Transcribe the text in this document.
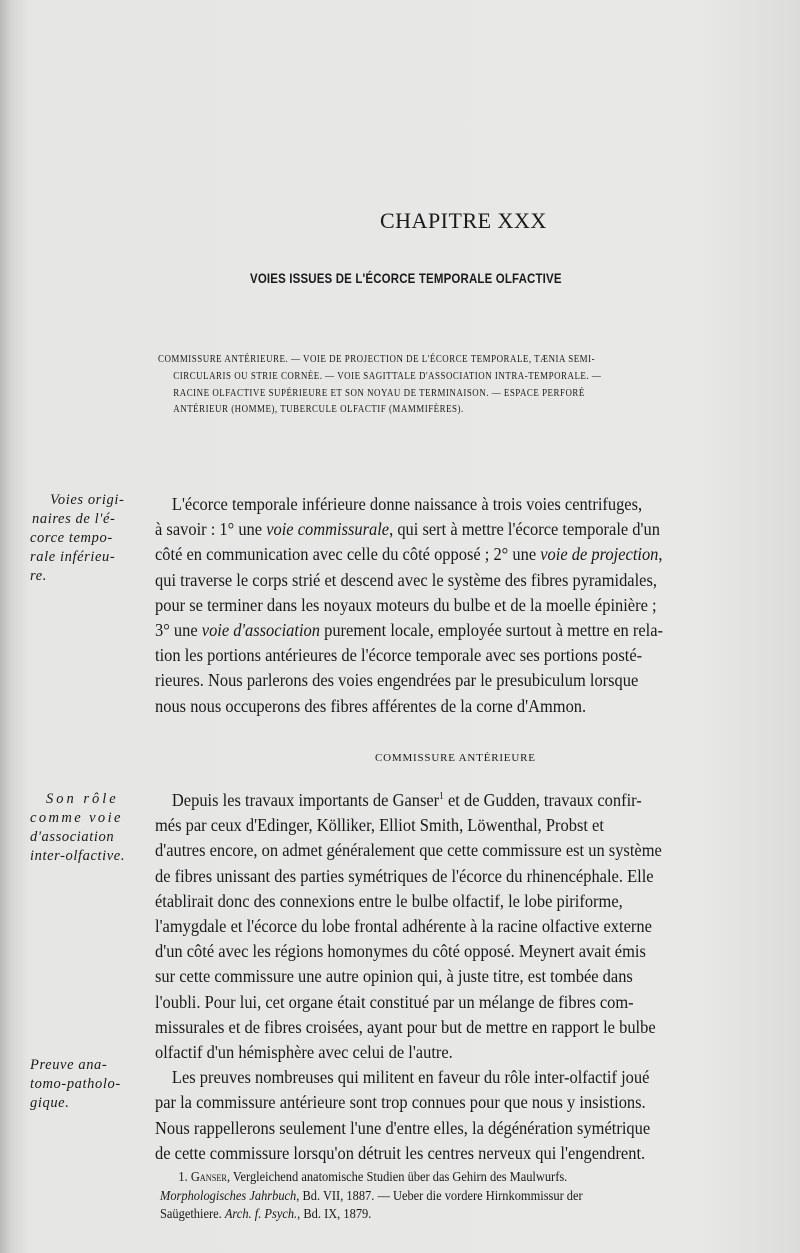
CHAPITRE XXX
VOIES ISSUES DE L'ÉCORCE TEMPORALE OLFACTIVE
COMMISSURE ANTÉRIEURE. — VOIE DE PROJECTION DE L'ÉCORCE TEMPORALE, TÆNIA SEMI-
CIRCULARIS OU STRIE CORNÉE. — VOIE SAGITTALE D'ASSOCIATION INTRA-TEMPORALE. —
RACINE OLFACTIVE SUPÉRIEURE ET SON NOYAU DE TERMINAISON. — ESPACE PERFORÉ
ANTÉRIEUR (HOMME), TUBERCULE OLFACTIF (MAMMIFÈRES).
Voies origi-
naires de l'é-
corce tempo-
rale inférieu-
re.
L'écorce temporale inférieure donne naissance à trois voies centrifuges,
à savoir : 1° une voie commissurale, qui sert à mettre l'écorce temporale d'un
côté en communication avec celle du côté opposé ; 2° une voie de projection,
qui traverse le corps strié et descend avec le système des fibres pyramidales,
pour se terminer dans les noyaux moteurs du bulbe et de la moelle épinière ;
3° une voie d'association purement locale, employée surtout à mettre en rela-
tion les portions antérieures de l'écorce temporale avec ses portions posté-
rieures. Nous parlerons des voies engendrées par le presubiculum lorsque
nous nous occuperons des fibres afférentes de la corne d'Ammon.
COMMISSURE ANTÉRIEURE
Son rôle
comme voie
d'association
inter-olfactive.
Depuis les travaux importants de Ganser$^1$ et de Gudden, travaux confir-
més par ceux d'Edinger, Kölliker, Elliot Smith, Löwenthal, Probst et
d'autres encore, on admet généralement que cette commissure est un système
de fibres unissant des parties symétriques de l'écorce du rhinencéphale. Elle
établirait donc des connexions entre le bulbe olfactif, le lobe piriforme,
l'amygdale et l'écorce du lobe frontal adhérente à la racine olfactive externe
d'un côté avec les régions homonymes du côté opposé. Meynert avait émis
sur cette commissure une autre opinion qui, à juste titre, est tombée dans
l'oubli. Pour lui, cet organe était constitué par un mélange de fibres com-
missurales et de fibres croisées, ayant pour but de mettre en rapport le bulbe
olfactif d'un hémisphère avec celui de l'autre.
Les preuves nombreuses qui militent en faveur du rôle inter-olfactif joué
par la commissure antérieure sont trop connues pour que nous y insistions.
Nous rappellerons seulement l'une d'entre elles, la dégénération symétrique
de cette commissure lorsqu'on détruit les centres nerveux qui l'engendrent.
Preuve ana-
tomo-patholo-
gique.
1. Ganser, Vergleichend anatomische Studien über das Gehirn des Maulwurfs.
Morphologisches Jahrbuch, Bd. VII, 1887. — Ueber die vordere Hirnkommissur der
Saügethiere. Arch. f. Psych., Bd. IX, 1879.
